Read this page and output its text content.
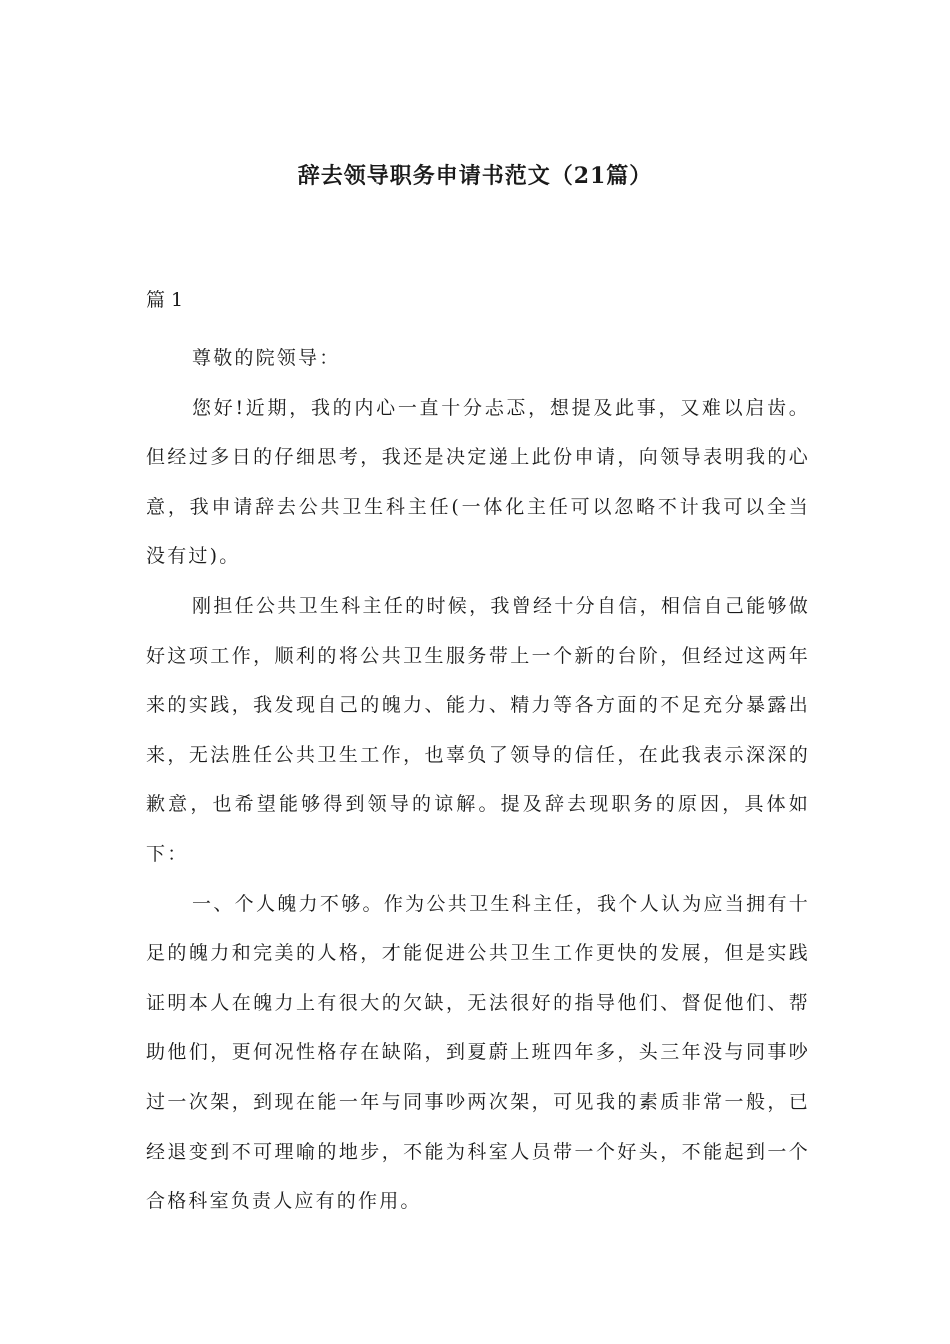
辞去领导职务申请书范文（21篇）
篇 1

尊敬的院领导：

您好!近期，我的内心一直十分忐忑，想提及此事，又难以启齿。但经过多日的仔细思考，我还是决定递上此份申请，向领导表明我的心意，我申请辞去公共卫生科主任(一体化主任可以忽略不计我可以全当没有过)。

刚担任公共卫生科主任的时候，我曾经十分自信，相信自己能够做好这项工作，顺利的将公共卫生服务带上一个新的台阶，但经过这两年来的实践，我发现自己的魄力、能力、精力等各方面的不足充分暴露出来，无法胜任公共卫生工作，也辜负了领导的信任，在此我表示深深的歉意，也希望能够得到领导的谅解。提及辞去现职务的原因，具体如下：

一、个人魄力不够。作为公共卫生科主任，我个人认为应当拥有十足的魄力和完美的人格，才能促进公共卫生工作更快的发展，但是实践证明本人在魄力上有很大的欠缺，无法很好的指导他们、督促他们、帮助他们，更何况性格存在缺陷，到夏蔚上班四年多，头三年没与同事吵过一次架，到现在能一年与同事吵两次架，可见我的素质非常一般，已经退变到不可理喻的地步，不能为科室人员带一个好头，不能起到一个合格科室负责人应有的作用。
